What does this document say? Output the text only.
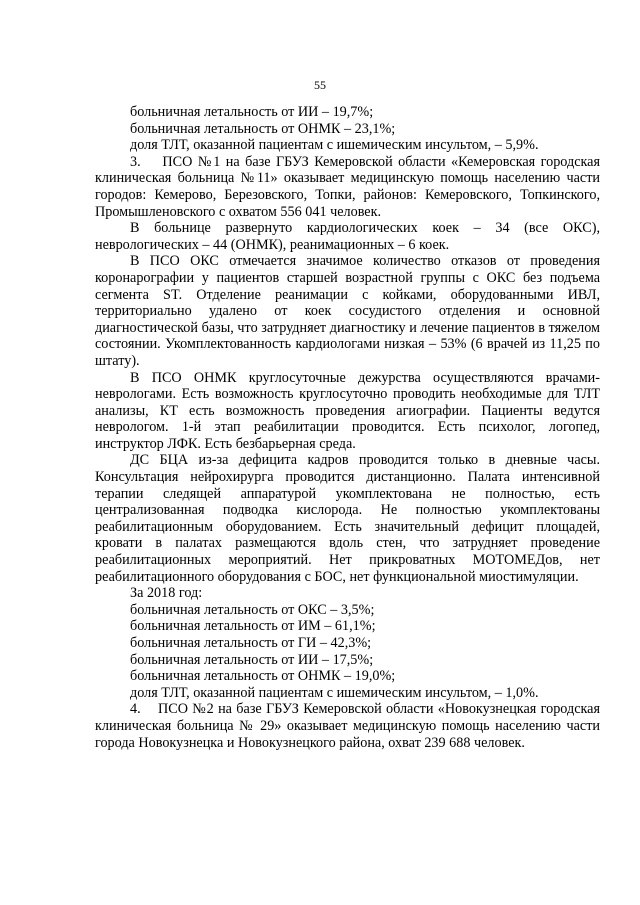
55

больничная летальность от ИИ – 19,7%;

больничная летальность от ОНМК – 23,1%;

доля ТЛТ, оказанной пациентам с ишемическим инсультом, – 5,9%.

3.    ПСО №1 на базе ГБУЗ Кемеровской области «Кемеровская городская клиническая больница №11» оказывает медицинскую помощь населению части городов: Кемерово, Березовского, Топки, районов: Кемеровского, Топкинского, Промышленовского с охватом 556 041 человек.

В больнице развернуто кардиологических коек – 34 (все ОКС), неврологических – 44 (ОНМК), реанимационных – 6 коек.

В ПСО ОКС отмечается значимое количество отказов от проведения коронарографии у пациентов старшей возрастной группы с ОКС без подъема сегмента ST. Отделение реанимации с койками, оборудованными ИВЛ, территориально удалено от коек сосудистого отделения и основной диагностической базы, что затрудняет диагностику и лечение пациентов в тяжелом состоянии. Укомплектованность кардиологами низкая – 53% (6 врачей из 11,25 по штату).

В ПСО ОНМК круглосуточные дежурства осуществляются врачами-неврологами. Есть возможность круглосуточно проводить необходимые для ТЛТ анализы, КТ есть возможность проведения агиографии. Пациенты ведутся неврологом. 1-й этап реабилитации проводится. Есть психолог, логопед, инструктор ЛФК. Есть безбарьерная среда.

ДС БЦА из-за дефицита кадров проводится только в дневные часы. Консультация нейрохирурга проводится дистанционно. Палата интенсивной терапии следящей аппаратурой укомплектована не полностью, есть централизованная подводка кислорода. Не полностью укомплектованы реабилитационным оборудованием. Есть значительный дефицит площадей, кровати в палатах размещаются вдоль стен, что затрудняет проведение реабилитационных мероприятий. Нет прикроватных МОТОМЕДов, нет реабилитационного оборудования с БОС, нет функциональной миостимуляции.

За 2018 год:

больничная летальность от ОКС – 3,5%;

больничная летальность от ИМ – 61,1%;

больничная летальность от ГИ – 42,3%;

больничная летальность от ИИ – 17,5%;

больничная летальность от ОНМК – 19,0%;

доля ТЛТ, оказанной пациентам с ишемическим инсультом, – 1,0%.

4.    ПСО №2 на базе ГБУЗ Кемеровской области «Новокузнецкая городская клиническая больница № 29» оказывает медицинскую помощь населению части города Новокузнецка и Новокузнецкого района, охват 239 688 человек.
